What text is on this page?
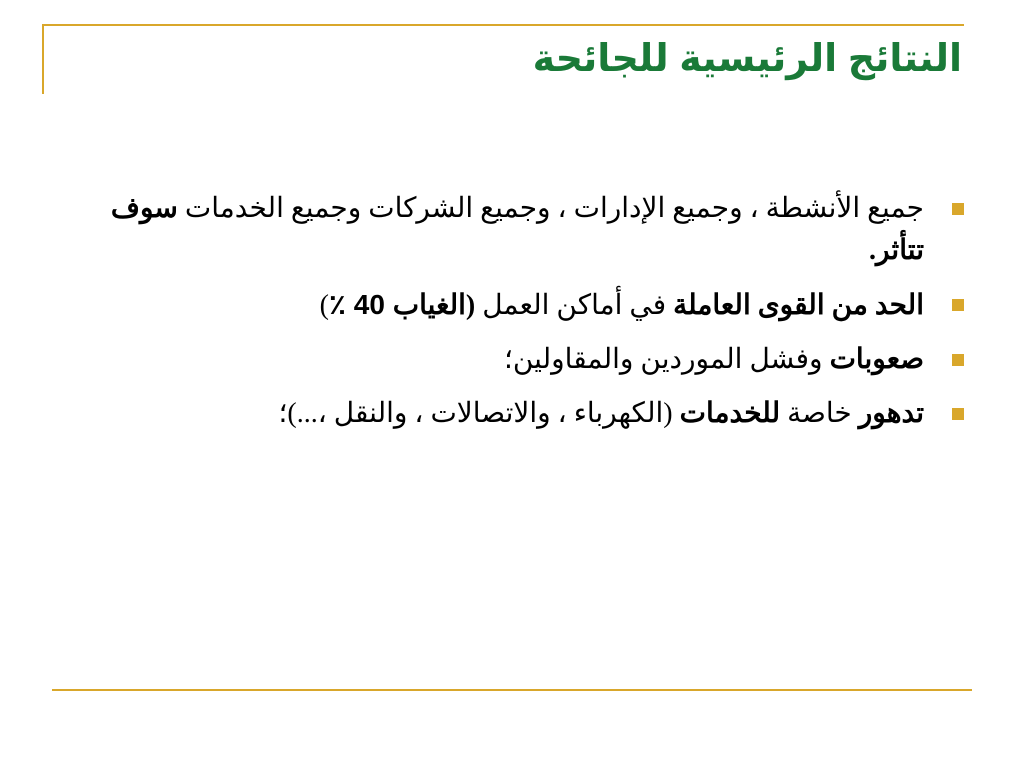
النتائج الرئيسية للجائحة
جميع الأنشطة ، وجميع الإدارات ، وجميع الشركات وجميع الخدمات سوف تتأثر.
الحد من القوى العاملة في أماكن العمل (الغياب 40 ٪)
صعوبات وفشل الموردين والمقاولين؛
تدهور خاصة للخدمات (الكهرباء ، والاتصالات ، والنقل ،...)؛
